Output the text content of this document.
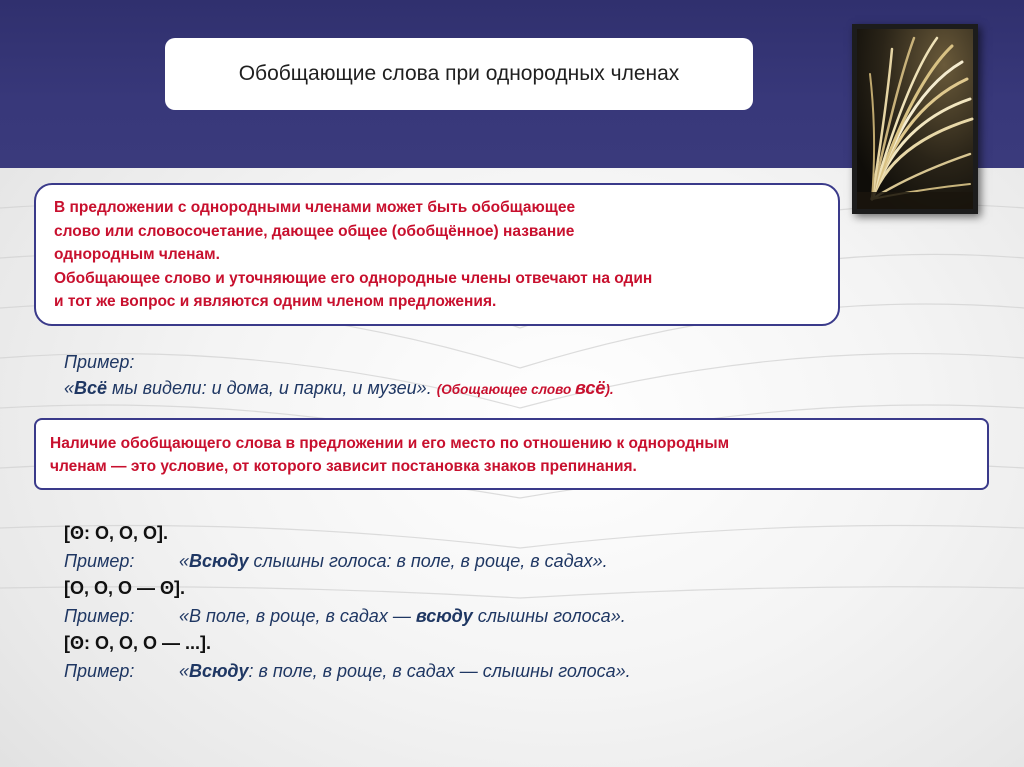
Обобщающие слова при однородных членах

В предложении с однородными членами может быть обобщающее

слово или словосочетание, дающее общее (обобщённое) название

однородным членам.

Обобщающее слово и уточняющие его однородные члены отвечают на один

и тот же вопрос и являются одним членом предложения.

Пример:
«Всё мы видели: и дома, и парки, и музеи». (Обощающее слово всё).

Наличие обобщающего слова в предложении и его место по отношению к однородным

членам — это условие, от которого зависит постановка знаков препинания.

[ʘ: О, О, О].
Пример: «Всюду слышны голоса: в поле, в роще, в садах».
[О, О, О — ʘ].
Пример: «В поле, в роще, в садах — всюду слышны голоса».
[ʘ: О, О, О — ...].
Пример: «Всюду: в поле, в роще, в садах — слышны голоса».
